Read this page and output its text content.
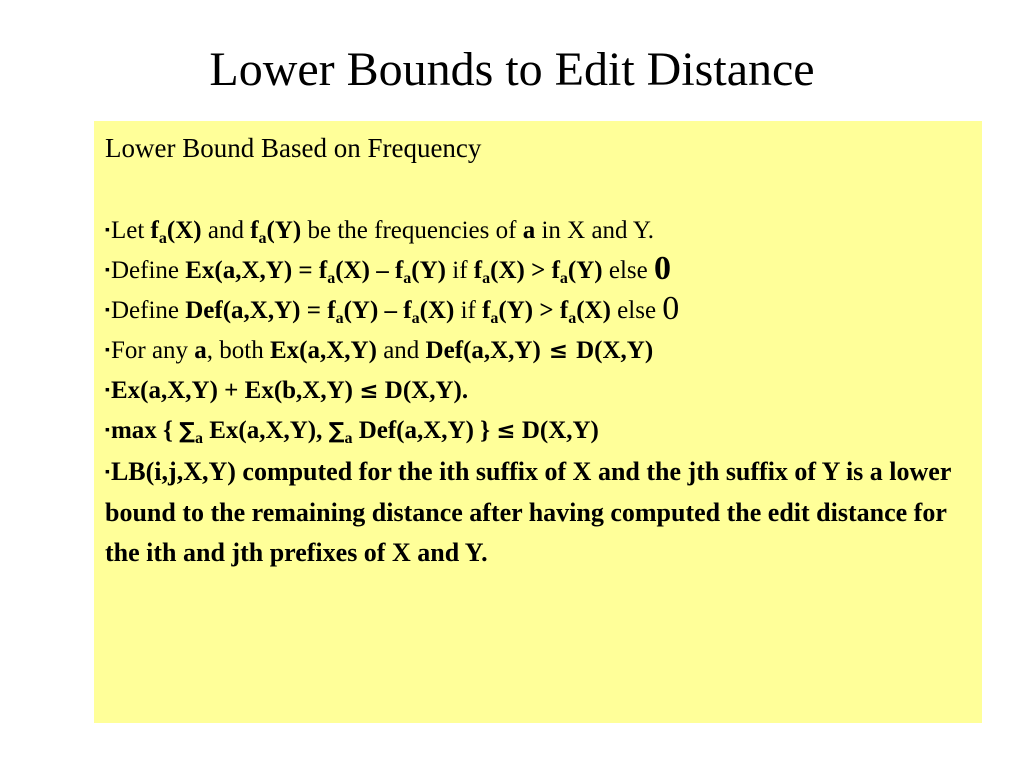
Lower Bounds to Edit Distance

Lower Bound Based on Frequency

▪Let $f_a(X)$ and $f_a(Y)$ be the frequencies of a in X and Y.

▪Define $Ex(a,X,Y) = f_a(X) - f_a(Y)$ if $f_a(X) > f_a(Y)$ else 0

▪Define $Def(a,X,Y) = f_a(Y) - f_a(X)$ if $f_a(Y) > f_a(X)$ else 0

▪For any a, both Ex(a,X,Y) and Def(a,X,Y) ≤ D(X,Y)

▪Ex(a,X,Y) + Ex(b,X,Y) ≤ D(X,Y).

▪max { $\sum_a$ Ex(a,X,Y), $\sum_a$ Def(a,X,Y) } ≤ D(X,Y)

▪LB(i,j,X,Y) computed for the ith suffix of X and the jth suffix of Y is a lower bound to the remaining distance after having computed the edit distance for the ith and jth prefixes of X and Y.
